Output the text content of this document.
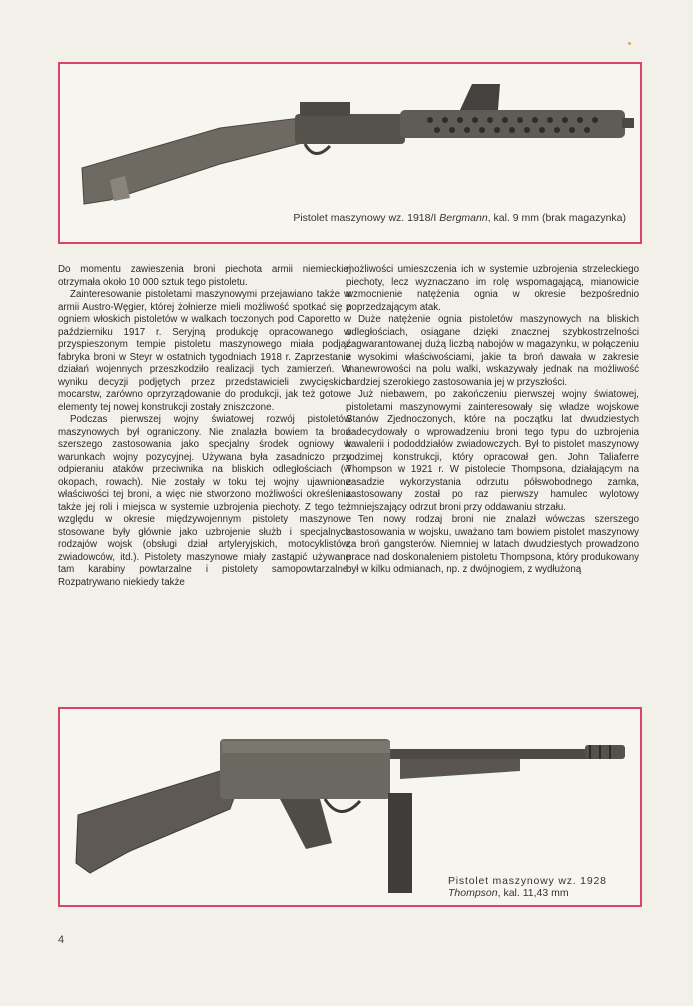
Pistolet maszynowy wz. 1918/I Bergmann, kal. 9 mm (brak magazynka)

Do momentu zawieszenia broni piechota armii niemieckiej otrzymała około 10 000 sztuk tego pistoletu.

Zainteresowanie pistoletami maszynowymi przejawiano także w armii Austro-Węgier, której żołnierze mieli możliwość spotkać się z ogniem włoskich pistoletów w walkach toczonych pod Caporetto w październiku 1917 r. Seryjną produkcję opracowanego w przyspieszonym tempie pistoletu maszynowego miała podjąć fabryka broni w Steyr w ostatnich tygodniach 1918 r. Zaprzestanie działań wojennych przeszkodziło realizacji tych zamierzeń. W wyniku decyzji podjętych przez przedstawicieli zwycięskich mocarstw, zarówno oprzyrządowanie do produkcji, jak też gotowe elementy tej nowej konstrukcji zostały zniszczone.

Podczas pierwszej wojny światowej rozwój pistoletów maszynowych był ograniczony. Nie znalazła bowiem ta broń szerszego zastosowania jako specjalny środek ogniowy w warunkach wojny pozycyjnej. Używana była zasadniczo przy odpieraniu ataków przeciwnika na bliskich odległościach (w okopach, rowach). Nie zostały w toku tej wojny ujawnione właściwości tej broni, a więc nie stworzono możliwości określenia także jej roli i miejsca w systemie uzbrojenia piechoty. Z tego też względu w okresie międzywojennym pistolety maszynowe stosowane były głównie jako uzbrojenie służb i specjalnych rodzajów wojsk (obsługi dział artyleryjskich, motocyklistów, zwiadowców, itd.). Pistolety maszynowe miały zastąpić używane tam karabiny powtarzalne i pistolety samopowtarzalne. Rozpatrywano niekiedy także

możliwości umieszczenia ich w systemie uzbrojenia strzeleckiego piechoty, lecz wyznaczano im rolę wspomagającą, mianowicie wzmocnienie natężenia ognia w okresie bezpośrednio poprzedzającym atak.

Duże natężenie ognia pistoletów maszynowych na bliskich odległościach, osiągane dzięki znacznej szybkostrzelności zagwarantowanej dużą liczbą nabojów w magazynku, w połączeniu z wysokimi właściwościami, jakie ta broń dawała w zakresie manewrowości na polu walki, wskazywały jednak na możliwość bardziej szerokiego zastosowania jej w przyszłości.

Już niebawem, po zakończeniu pierwszej wojny światowej, pistoletami maszynowymi zainteresowały się władze wojskowe Stanów Zjednoczonych, które na początku lat dwudziestych zadecydowały o wprowadzeniu broni tego typu do uzbrojenia kawalerii i pododdziałów zwiadowczych. Był to pistolet maszynowy rodzimej konstrukcji, który opracował gen. John Taliaferre Thompson w 1921 r. W pistolecie Thompsona, działającym na zasadzie wykorzystania odrzutu półswobodnego zamka, zastosowany został po raz pierwszy hamulec wylotowy zmniejszający odrzut broni przy oddawaniu strzału.

Ten nowy rodzaj broni nie znalazł wówczas szerszego zastosowania w wojsku, uważano tam bowiem pistolet maszynowy za broń gangsterów. Niemniej w latach dwudziestych prowadzono prace nad doskonaleniem pistoletu Thompsona, który produkowany był w kilku odmianach, np. z dwójnogiem, z wydłużoną

Pistolet maszynowy wz. 1928
Thompson, kal. 11,43 mm
4
